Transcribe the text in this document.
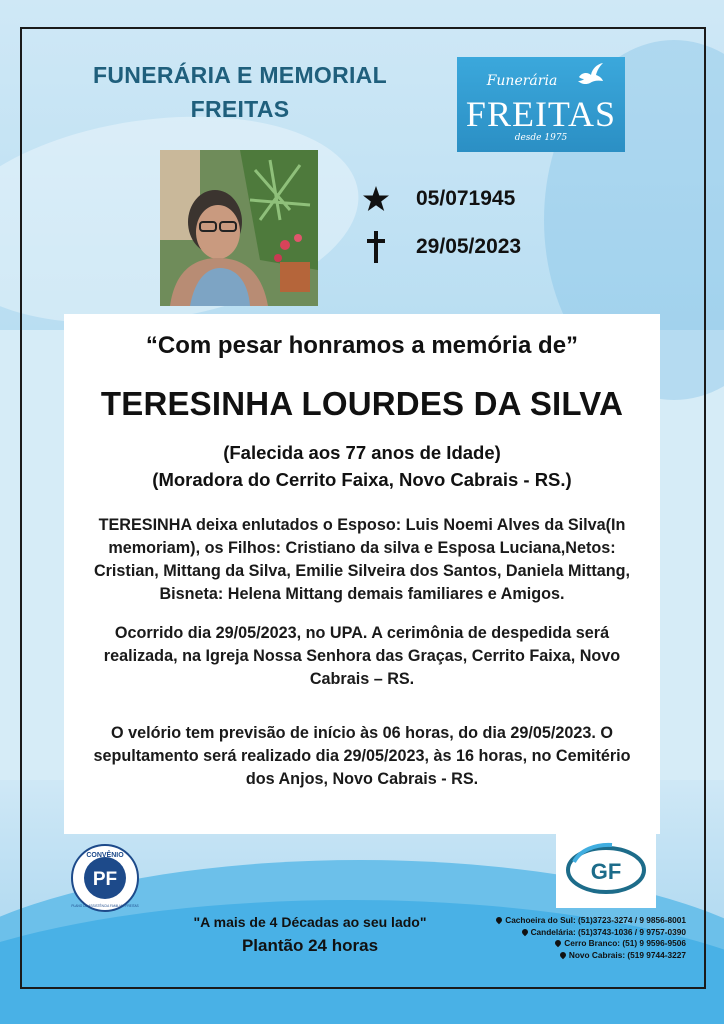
FUNERÁRIA E MEMORIAL
FREITAS
Funerária
FREITAS
desde 1975
05/071945
29/05/2023
“Com pesar honramos a memória de”
TERESINHA LOURDES DA SILVA
(Falecida aos 77 anos de Idade)
(Moradora do Cerrito Faixa, Novo Cabrais - RS.)
TERESINHA deixa enlutados o Esposo: Luis Noemi Alves da Silva(In
memoriam), os Filhos: Cristiano da silva e Esposa Luciana,Netos:
Cristian, Mittang da Silva, Emilie Silveira dos Santos, Daniela Mittang,
Bisneta: Helena Mittang demais familiares e Amigos.
Ocorrido dia 29/05/2023, no UPA. A cerimônia de despedida será
realizada, na Igreja Nossa Senhora das Graças, Cerrito Faixa, Novo
Cabrais – RS.
O velório tem previsão de início às 06 horas, do dia 29/05/2023. O
sepultamento será realizado dia 29/05/2023, às 16 horas, no Cemitério
dos Anjos, Novo Cabrais - RS.
CONVÊNIO
PF
PLANO DE ASSISTÊNCIA FAMILIAR FREITAS
GF
"A mais de 4 Décadas ao seu lado"
Plantão 24 horas
Cachoeira do Sul: (51)3723-3274 / 9 9856-8001
Candelária: (51)3743-1036 / 9 9757-0390
Cerro Branco: (51) 9 9596-9506
Novo Cabrais: (519 9744-3227
